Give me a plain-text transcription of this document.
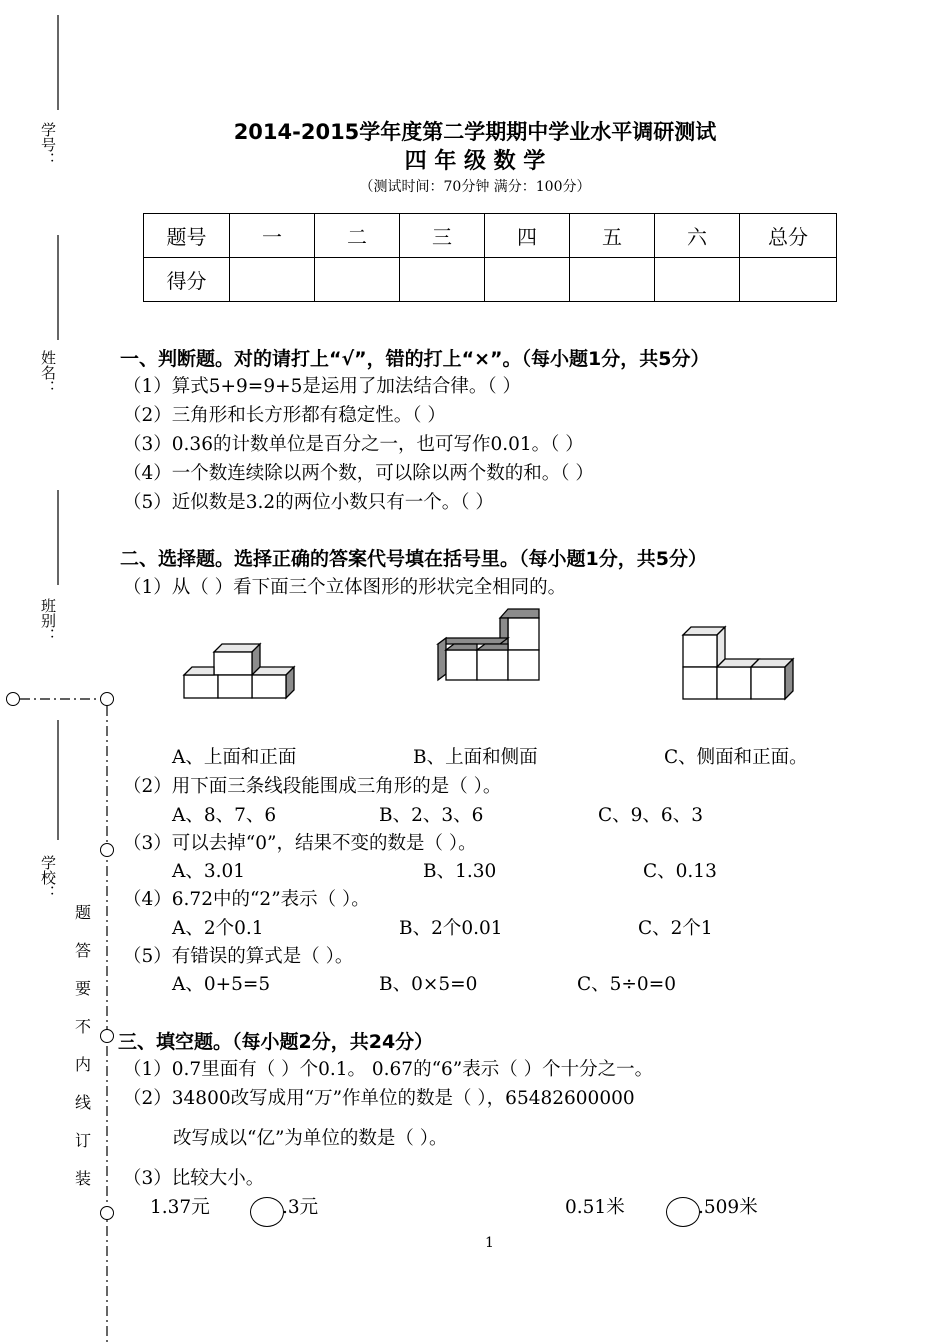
学号：
姓名：
班别：
学校：
题
答
要
不
内
线
订
装
2014-2015学年度第二学期期中学业水平调研测试
四 年 级 数 学
（测试时间：70分钟 满分：100分）
题号	一	二	三	四	五	六	总分
得分							
一、判断题。对的请打上“√”，错的打上“×”。（每小题1分，共5分）
（1）算式5+9=9+5是运用了加法结合律。（ ）
（2）三角形和长方形都有稳定性。（ ）
（3）0.36的计数单位是百分之一，也可写作0.01。（ ）
（4）一个数连续除以两个数，可以除以两个数的和。（ ）
（5）近似数是3.2的两位小数只有一个。（ ）
二、选择题。选择正确的答案代号填在括号里。（每小题1分，共5分）
（1）从（ ）看下面三个立体图形的形状完全相同的。
A、上面和正面	B、上面和侧面	C、侧面和正面。
（2）用下面三条线段能围成三角形的是（ ）。
A、8、7、6	B、2、3、6	C、9、6、3
（3）可以去掉“0”，结果不变的数是（ ）。
A、3.01	B、1.30	C、0.13
（4）6.72中的“2”表示（ ）。
A、2个0.1	B、2个0.01	C、2个1
（5）有错误的算式是（ ）。
A、0+5=5	B、0×5=0	C、5÷0=0
三、填空题。（每小题2分，共24分）
（1）0.7里面有（ ）个0.1。 0.67的“6”表示（ ）个十分之一。
（2）34800改写成用“万”作单位的数是（ ），65482600000
改写成以“亿”为单位的数是（ ）。
（3）比较大小。
1.37元	.3元	0.51米	.509米
1
